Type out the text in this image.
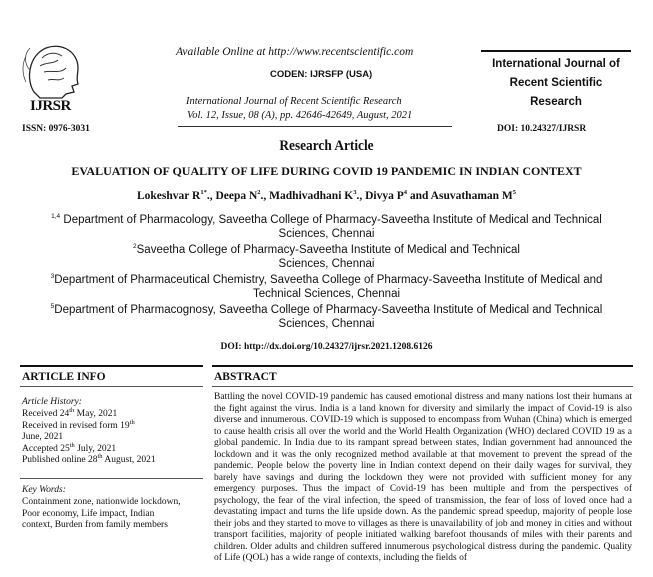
IJRSR
ISSN: 0976-3031
Available Online at http://www.recentscientific.com
CODEN: IJRSFP (USA)
International Journal of Recent Scientific Research
Vol. 12, Issue, 08 (A), pp. 42646-42649, August, 2021
International Journal of
Recent Scientific
Research
DOI: 10.24327/IJRSR
Research Article
EVALUATION OF QUALITY OF LIFE DURING COVID 19 PANDEMIC IN INDIAN CONTEXT
Lokeshvar $R^{1*}$., Deepa $N^2$., Madhivadhani $K^3$., Divya $P^4$ and Asuvathaman $M^5$
$^{1,4}$ Department of Pharmacology, Saveetha College of Pharmacy-Saveetha Institute of Medical and Technical
Sciences, Chennai
$^2$Saveetha College of Pharmacy-Saveetha Institute of Medical and Technical
Sciences, Chennai
$^3$Department of Pharmaceutical Chemistry, Saveetha College of Pharmacy-Saveetha Institute of Medical and
Technical Sciences, Chennai
$^5$Department of Pharmacognosy, Saveetha College of Pharmacy-Saveetha Institute of Medical and Technical
Sciences, Chennai
DOI: http://dx.doi.org/10.24327/ijrsr.2021.1208.6126
ARTICLE INFO	ABSTRACT
Article History:
Received 24th May, 2021
Received in revised form 19th
June, 2021
Accepted 25th July, 2021
Published online 28th August, 2021
Key Words:
Containment zone, nationwide lockdown,
Poor economy, Life impact, Indian
context, Burden from family members
Battling the novel COVID-19 pandemic has caused emotional distress and many nations lost their humans at the fight against the virus. India is a land known for diversity and similarly the impact of Covid-19 is also diverse and innumerous. COVID-19 which is supposed to encompass from Wuhan (China) which is emerged to cause health crisis all over the world and the World Health Organization (WHO) declared COVID 19 as a global pandemic. In India due to its rampant spread between states, Indian government had announced the lockdown and it was the only recognized method available at that movement to prevent the spread of the pandemic. People below the poverty line in Indian context depend on their daily wages for survival, they barely have savings and during the lockdown they were not provided with sufficient money for any emergency purposes. Thus the impact of Covid-19 has been multiple and from the perspectives of psychology, the fear of the viral infection, the speed of transmission, the fear of loss of loved once had a devastating impact and turns the life upside down. As the pandemic spread speedup, majority of people lose their jobs and they started to move to villages as there is unavailability of job and money in cities and without transport facilities, majority of people initiated walking barefoot thousands of miles with their parents and children. Older adults and children suffered innumerous psychological distress during the pandemic. Quality of Life (QOL) has a wide range of contexts, including the fields of
